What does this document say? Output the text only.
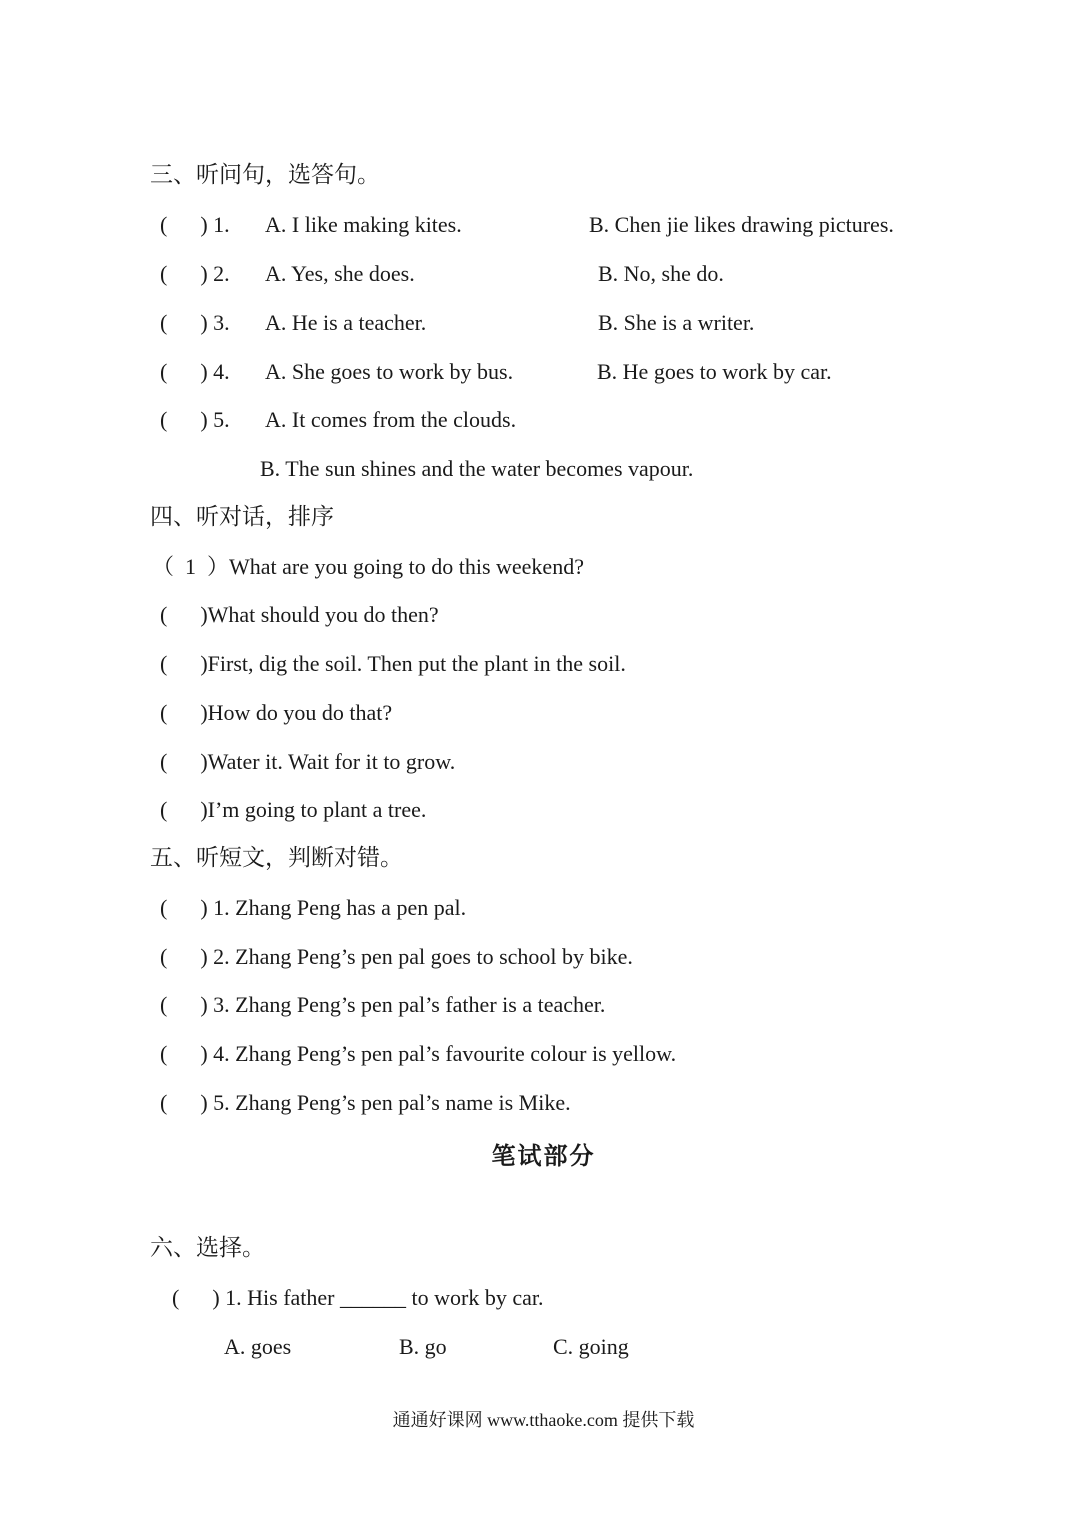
三、听问句，选答句。
(      ) 1. A. I like making kites.	B. Chen jie likes drawing pictures.
(      ) 2. A. Yes, she does.	B. No, she do.
(      ) 3. A. He is a teacher.	B. She is a writer.
(      ) 4. A. She goes to work by bus.	B. He goes to work by car.
(      ) 5. A. It comes from the clouds.
B. The sun shines and the water becomes vapour.
四、听对话，排序
（  1  ）What are you going to do this weekend?
(      )What should you do then?
(      )First, dig the soil. Then put the plant in the soil.
(      )How do you do that?
(      )Water it. Wait for it to grow.
(      )I’m going to plant a tree.
五、听短文，判断对错。
(      ) 1. Zhang Peng has a pen pal.
(      ) 2. Zhang Peng’s pen pal goes to school by bike.
(      ) 3. Zhang Peng’s pen pal’s father is a teacher.
(      ) 4. Zhang Peng’s pen pal’s favourite colour is yellow.
(      ) 5. Zhang Peng’s pen pal’s name is Mike.
笔试部分
六、选择。
(      ) 1. His father ______ to work by car.
A. goes	B. go	C. going
通通好课网 www.tthaoke.com 提供下载
